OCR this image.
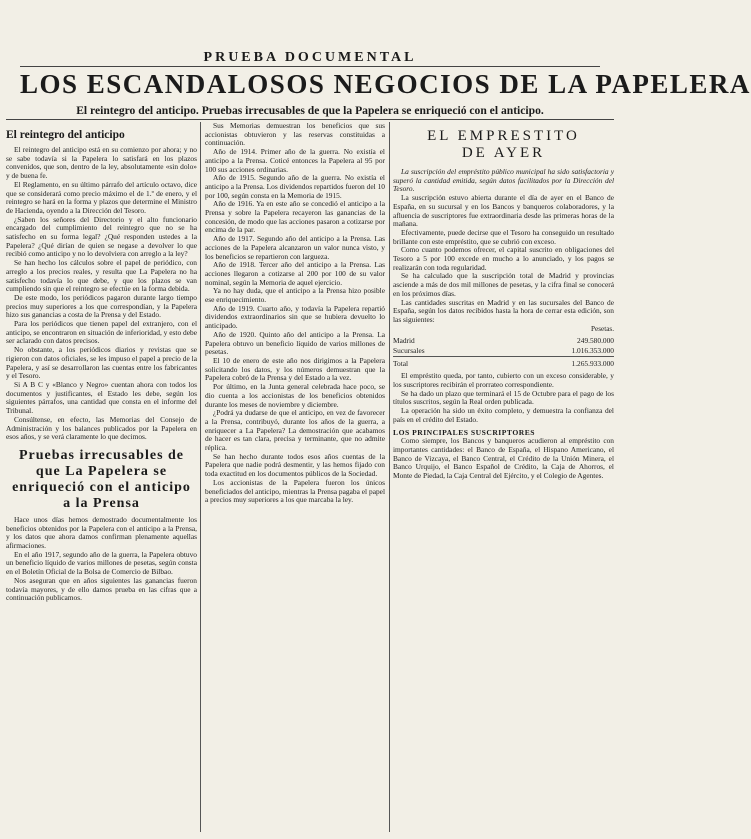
PRUEBA DOCUMENTAL
LOS ESCANDALOSOS NEGOCIOS DE LA PAPELERA
El reintegro del anticipo. Pruebas irrecusables de que la Papelera se enriqueció con el anticipo.
El reintegro del anticipo

El reintegro del anticipo está en su comienzo por ahora; y no se sabe todavía si la Papelera lo satisfará en los plazos convenidos, que son, dentro de la ley, absolutamente «sin dolo» y de buena fe.

El Reglamento, en su último párrafo del artículo octavo, dice que se considerará como precio máximo el de 1.º de enero, y el reintegro se hará en la forma y plazos que determine el Ministro de Hacienda, oyendo a la Dirección del Tesoro.

¿Saben los señores del Directorio y el alto funcionario encargado del cumplimiento del reintegro que no se ha satisfecho en su forma legal? ¿Qué responden ustedes a la Papelera? ¿Qué dirían de quien se negase a devolver lo que recibió como anticipo y no lo devolviera con arreglo a la ley?

Se han hecho los cálculos sobre el papel de periódico, con arreglo a los precios reales, y resulta que La Papelera no ha satisfecho todavía lo que debe, y que los plazos se van cumpliendo sin que el reintegro se efectúe en la forma debida.

De este modo, los periódicos pagaron durante largo tiempo precios muy superiores a los que correspondían, y la Papelera hizo sus ganancias a costa de la Prensa y del Estado.

Para los periódicos que tienen papel del extranjero, con el anticipo, se encontraron en situación de inferioridad, y esto debe ser aclarado con datos precisos.

No obstante, a los periódicos diarios y revistas que se rigieron con datos oficiales, se les impuso el papel a precio de la Papelera, y así se desarrollaron las cuentas entre los fabricantes y el Tesoro.

Si A B C y «Blanco y Negro» cuentan ahora con todos los documentos y justificantes, el Estado les debe, según los siguientes párrafos, una cantidad que consta en el informe del Tribunal.

Consúltense, en efecto, las Memorias del Consejo de Administración y los balances publicados por la Papelera en esos años, y se verá claramente lo que decimos.

Pruebas irrecusables de que La Papelera se enriqueció con el anticipo a la Prensa

Hace unos días hemos demostrado documentalmente los beneficios obtenidos por la Papelera con el anticipo a la Prensa, y los datos que ahora damos confirman plenamente aquellas afirmaciones.

En el año 1917, segundo año de la guerra, la Papelera obtuvo un beneficio líquido de varios millones de pesetas, según consta en el Boletín Oficial de la Bolsa de Comercio de Bilbao.

Nos aseguran que en años siguientes las ganancias fueron todavía mayores, y de ello damos prueba en las cifras que a continuación publicamos.

Sus Memorias demuestran los beneficios que sus accionistas obtuvieron y las reservas constituidas a continuación.

Año de 1914. Primer año de la guerra. No existía el anticipo a la Prensa. Coticé entonces la Papelera al 95 por 100 sus acciones ordinarias.

Año de 1915. Segundo año de la guerra. No existía el anticipo a la Prensa. Los dividendos repartidos fueron del 10 por 100, según consta en la Memoria de 1915.

Año de 1916. Ya en este año se concedió el anticipo a la Prensa y sobre la Papelera recayeron las ganancias de la concesión, de modo que las acciones pasaron a cotizarse por encima de la par.

Año de 1917. Segundo año del anticipo a la Prensa. Las acciones de la Papelera alcanzaron un valor nunca visto, y los beneficios se repartieron con largueza.

Año de 1918. Tercer año del anticipo a la Prensa. Las acciones llegaron a cotizarse al 200 por 100 de su valor nominal, según la Memoria de aquel ejercicio.

Ya no hay duda, que el anticipo a la Prensa hizo posible ese enriquecimiento.

Año de 1919. Cuarto año, y todavía la Papelera repartió dividendos extraordinarios sin que se hubiera devuelto lo anticipado.

Año de 1920. Quinto año del anticipo a la Prensa. La Papelera obtuvo un beneficio líquido de varios millones de pesetas.

El 10 de enero de este año nos dirigimos a la Papelera solicitando los datos, y los números demuestran que la Papelera cobró de la Prensa y del Estado a la vez.

Por último, en la Junta general celebrada hace poco, se dio cuenta a los accionistas de los beneficios obtenidos durante los meses de noviembre y diciembre.

¿Podrá ya dudarse de que el anticipo, en vez de favorecer a la Prensa, contribuyó, durante los años de la guerra, a enriquecer a La Papelera? La demostración que acabamos de hacer es tan clara, precisa y terminante, que no admite réplica.

Se han hecho durante todos esos años cuentas de la Papelera que nadie podrá desmentir, y las hemos fijado con toda exactitud en los documentos públicos de la Sociedad.

Los accionistas de la Papelera fueron los únicos beneficiados del anticipo, mientras la Prensa pagaba el papel a precios muy superiores a los que marcaba la ley.

EL EMPRESTITO
DE AYER

La suscripción del empréstito público municipal ha sido satisfactoria y superó la cantidad emitida, según datos facilitados por la Dirección del Tesoro.

La suscripción estuvo abierta durante el día de ayer en el Banco de España, en su sucursal y en los Bancos y banqueros colaboradores, y la afluencia de suscriptores fue extraordinaria desde las primeras horas de la mañana.

Efectivamente, puede decirse que el Tesoro ha conseguido un resultado brillante con este empréstito, que se cubrió con exceso.

Como cuanto podemos ofrecer, el capital suscrito en obligaciones del Tesoro a 5 por 100 excede en mucho a lo anunciado, y los pagos se realizarán con toda regularidad.

Se ha calculado que la suscripción total de Madrid y provincias asciende a más de dos mil millones de pesetas, y la cifra final se conocerá en los próximos días.

Las cantidades suscritas en Madrid y en las sucursales del Banco de España, según los datos recibidos hasta la hora de cerrar esta edición, son las siguientes:

Pesetas.
Madrid	249.580.000
Sucursales	1.016.353.000
Total	1.265.933.000

El empréstito queda, por tanto, cubierto con un exceso considerable, y los suscriptores recibirán el prorrateo correspondiente.

Se ha dado un plazo que terminará el 15 de Octubre para el pago de los títulos suscritos, según la Real orden publicada.

La operación ha sido un éxito completo, y demuestra la confianza del país en el crédito del Estado.

LOS PRINCIPALES SUSCRIPTORES

Como siempre, los Bancos y banqueros acudieron al empréstito con importantes cantidades: el Banco de España, el Hispano Americano, el Banco de Vizcaya, el Banco Central, el Crédito de la Unión Minera, el Banco Urquijo, el Banco Español de Crédito, la Caja de Ahorros, el Monte de Piedad, la Caja Central del Ejército, y el Colegio de Agentes.
